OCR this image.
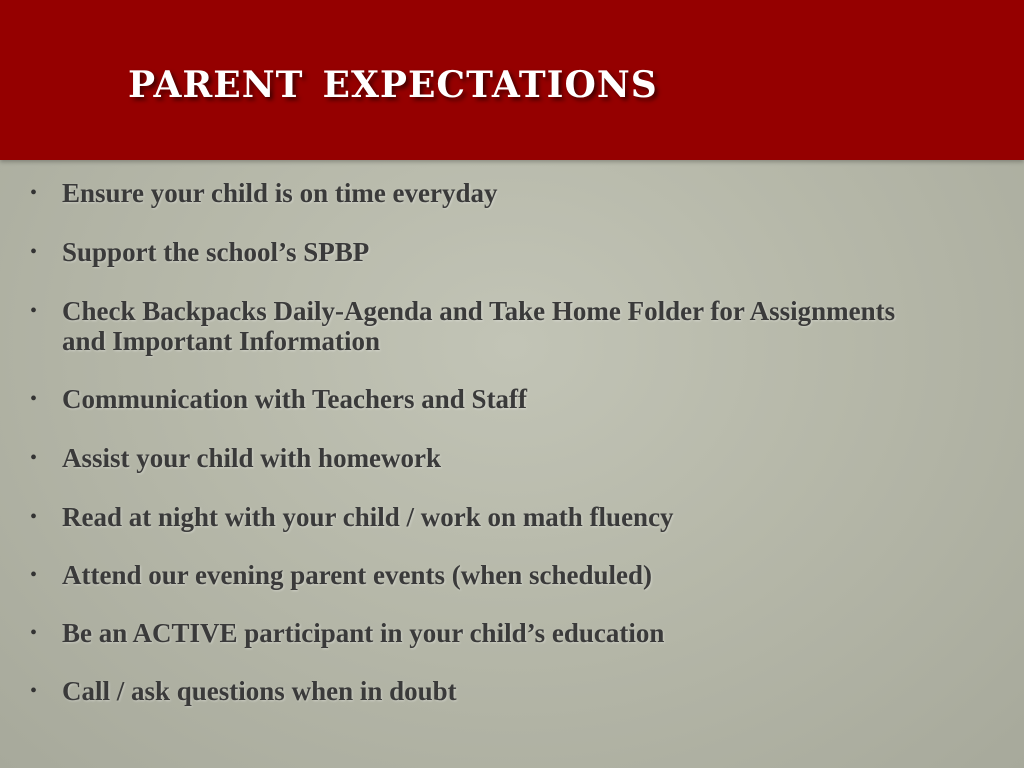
parent expectations
• Ensure your child is on time everyday
• Support the school’s SPBP
• Check Backpacks Daily-Agenda and Take Home Folder for Assignments and Important Information
• Communication with Teachers and Staff
• Assist your child with homework
• Read at night with your child / work on math fluency
• Attend our evening parent events (when scheduled)
• Be an ACTIVE participant in your child’s education
• Call / ask questions when in doubt
